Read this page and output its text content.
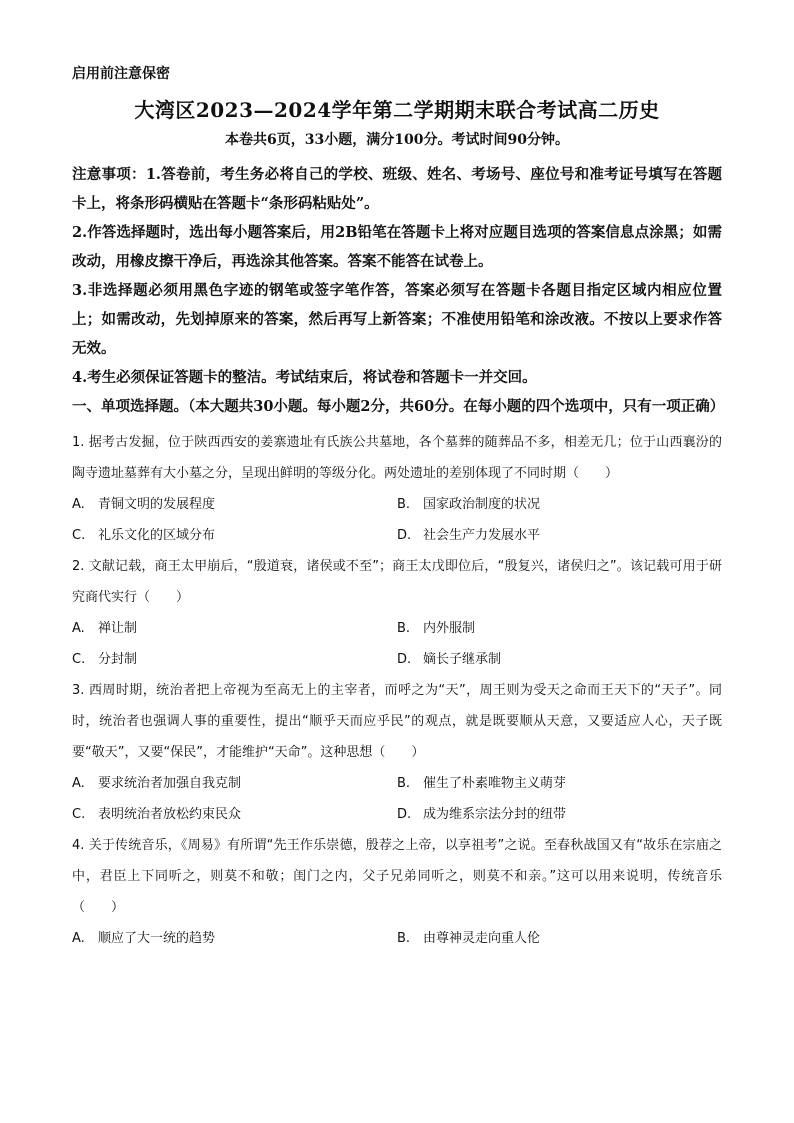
启用前注意保密
大湾区2023—2024学年第二学期期末联合考试高二历史
本卷共6页，33小题，满分100分。考试时间90分钟。

注意事项：1.答卷前，考生务必将自己的学校、班级、姓名、考场号、座位号和准考证号填写在答题卡上，将条形码横贴在答题卡“条形码粘贴处”。

2.作答选择题时，选出每小题答案后，用2B铅笔在答题卡上将对应题目选项的答案信息点涂黑；如需改动，用橡皮擦干净后，再选涂其他答案。答案不能答在试卷上。

3.非选择题必须用黑色字迹的钢笔或签字笔作答，答案必须写在答题卡各题目指定区域内相应位置上；如需改动，先划掉原来的答案，然后再写上新答案；不准使用铅笔和涂改液。不按以上要求作答无效。

4.考生必须保证答题卡的整洁。考试结束后，将试卷和答题卡一并交回。

一、单项选择题。（本大题共30小题。每小题2分，共60分。在每小题的四个选项中，只有一项正确）

1. 据考古发掘，位于陕西西安的姜寨遗址有氏族公共墓地，各个墓葬的随葬品不多，相差无几；位于山西襄汾的陶寺遗址墓葬有大小墓之分，呈现出鲜明的等级分化。两处遗址的差别体现了不同时期（　　）

A.	青铜文明的发展程度	B. 国家政治制度的状况
C. 礼乐文化的区域分布	D. 社会生产力发展水平

2. 文献记载，商王太甲崩后，“殷道衰，诸侯或不至”；商王太戊即位后，“殷复兴，诸侯归之”。该记载可用于研究商代实行（　　）

A.	禅让制	B. 内外服制
C. 分封制	D. 嫡长子继承制

3. 西周时期，统治者把上帝视为至高无上的主宰者，而呼之为“天”，周王则为受天之命而王天下的“天子”。同时，统治者也强调人事的重要性，提出“顺乎天而应乎民”的观点，就是既要顺从天意，又要适应人心，天子既要“敬天”，又要“保民”，才能维护“天命”。这种思想（　　）

A.	要求统治者加强自我克制	B. 催生了朴素唯物主义萌芽
C. 表明统治者放松约束民众	D. 成为维系宗法分封的纽带

4. 关于传统音乐，《周易》有所谓“先王作乐崇德，殷荐之上帝，以享祖考”之说。至春秋战国又有“故乐在宗庙之中，君臣上下同听之，则莫不和敬；闺门之内，父子兄弟同听之，则莫不和亲。”这可以用来说明，传统音乐（　　）

A.	顺应了大一统的趋势	B. 由尊神灵走向重人伦
